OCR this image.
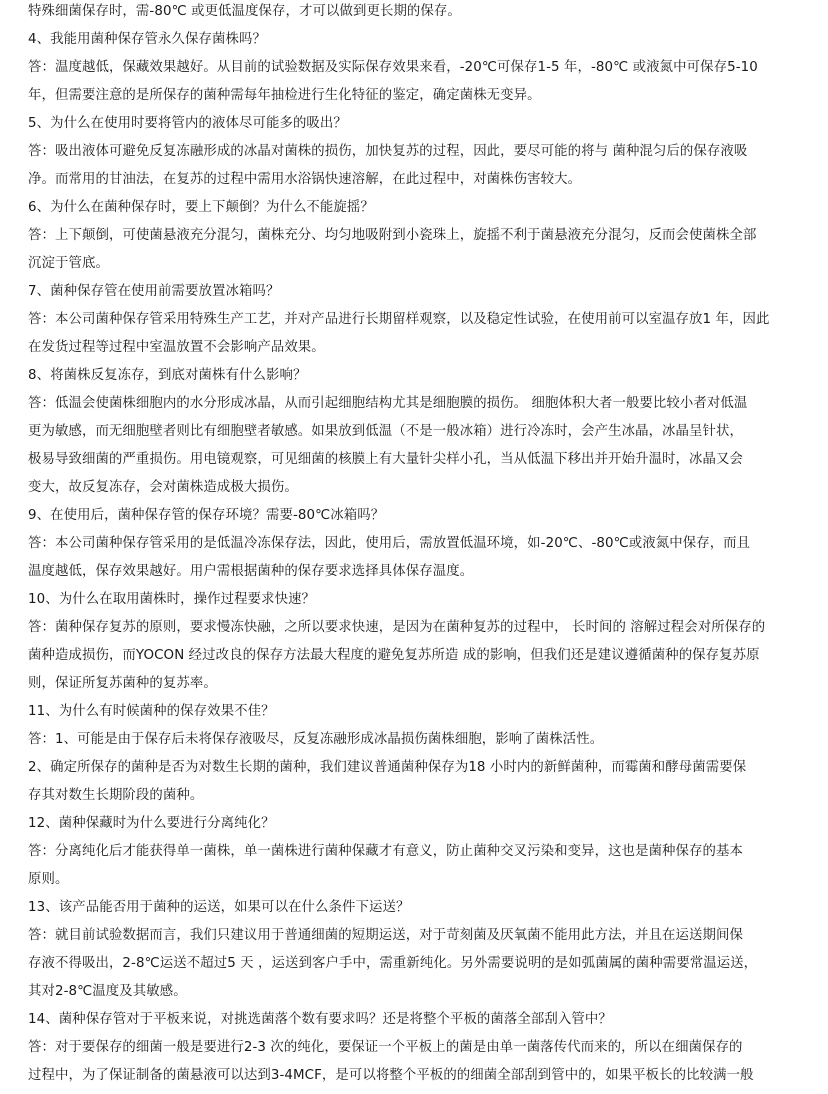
特殊细菌保存时，需-80℃ 或更低温度保存，才可以做到更长期的保存。
4、我能用菌种保存管永久保存菌株吗？
答：温度越低，保藏效果越好。从目前的试验数据及实际保存效果来看，-20℃可保存1-5 年，-80℃ 或液氮中可保存5-10
年，但需要注意的是所保存的菌种需每年抽检进行生化特征的鉴定，确定菌株无变异。
5、为什么在使用时要将管内的液体尽可能多的吸出？
答：吸出液体可避免反复冻融形成的冰晶对菌株的损伤，加快复苏的过程，因此，要尽可能的将与 菌种混匀后的保存液吸
净。而常用的甘油法，在复苏的过程中需用水浴锅快速溶解，在此过程中，对菌株伤害较大。
6、为什么在菌种保存时，要上下颠倒？为什么不能旋摇？
答：上下颠倒，可使菌悬液充分混匀，菌株充分、均匀地吸附到小瓷珠上，旋摇不利于菌悬液充分混匀，反而会使菌株全部
沉淀于管底。
7、菌种保存管在使用前需要放置冰箱吗？
答：本公司菌种保存管采用特殊生产工艺，并对产品进行长期留样观察，以及稳定性试验，在使用前可以室温存放1 年，因此
在发货过程等过程中室温放置不会影响产品效果。
8、将菌株反复冻存，到底对菌株有什么影响？
答：低温会使菌株细胞内的水分形成冰晶，从而引起细胞结构尤其是细胞膜的损伤。 细胞体积大者一般要比较小者对低温
更为敏感，而无细胞壁者则比有细胞壁者敏感。如果放到低温（不是一般冰箱）进行冷冻时，会产生冰晶，冰晶呈针状，
极易导致细菌的严重损伤。用电镜观察，可见细菌的核膜上有大量针尖样小孔，当从低温下移出并开始升温时，冰晶又会
变大，故反复冻存，会对菌株造成极大损伤。
9、在使用后，菌种保存管的保存环境？需要-80℃冰箱吗？
答：本公司菌种保存管采用的是低温冷冻保存法，因此，使用后，需放置低温环境，如-20℃、-80℃或液氮中保存，而且
温度越低，保存效果越好。用户需根据菌种的保存要求选择具体保存温度。
10、为什么在取用菌株时，操作过程要求快速？
答：菌种保存复苏的原则，要求慢冻快融，之所以要求快速，是因为在菌种复苏的过程中， 长时间的 溶解过程会对所保存的
菌种造成损伤，而YOCON 经过改良的保存方法最大程度的避免复苏所造 成的影响，但我们还是建议遵循菌种的保存复苏原
则，保证所复苏菌种的复苏率。
11、为什么有时候菌种的保存效果不佳？
答：1、可能是由于保存后未将保存液吸尽，反复冻融形成冰晶损伤菌株细胞，影响了菌株活性。
2、确定所保存的菌种是否为对数生长期的菌种，我们建议普通菌种保存为18 小时内的新鲜菌种，而霉菌和酵母菌需要保
存其对数生长期阶段的菌种。
12、菌种保藏时为什么要进行分离纯化？
答：分离纯化后才能获得单一菌株，单一菌株进行菌种保藏才有意义，防止菌种交叉污染和变异，这也是菌种保存的基本
原则。
13、该产品能否用于菌种的运送，如果可以在什么条件下运送？
答：就目前试验数据而言，我们只建议用于普通细菌的短期运送，对于苛刻菌及厌氧菌不能用此方法，并且在运送期间保
存液不得吸出，2-8℃运送不超过5 天 ，运送到客户手中，需重新纯化。另外需要说明的是如弧菌属的菌种需要常温运送，
其对2-8℃温度及其敏感。
14、菌种保存管对于平板来说，对挑选菌落个数有要求吗？还是将整个平板的菌落全部刮入管中？
答：对于要保存的细菌一般是要进行2-3 次的纯化，要保证一个平板上的菌是由单一菌落传代而来的，所以在细菌保存的
过程中，为了保证制备的菌悬液可以达到3-4MCF，是可以将整个平板的的细菌全部刮到管中的，如果平板长的比较满一般
